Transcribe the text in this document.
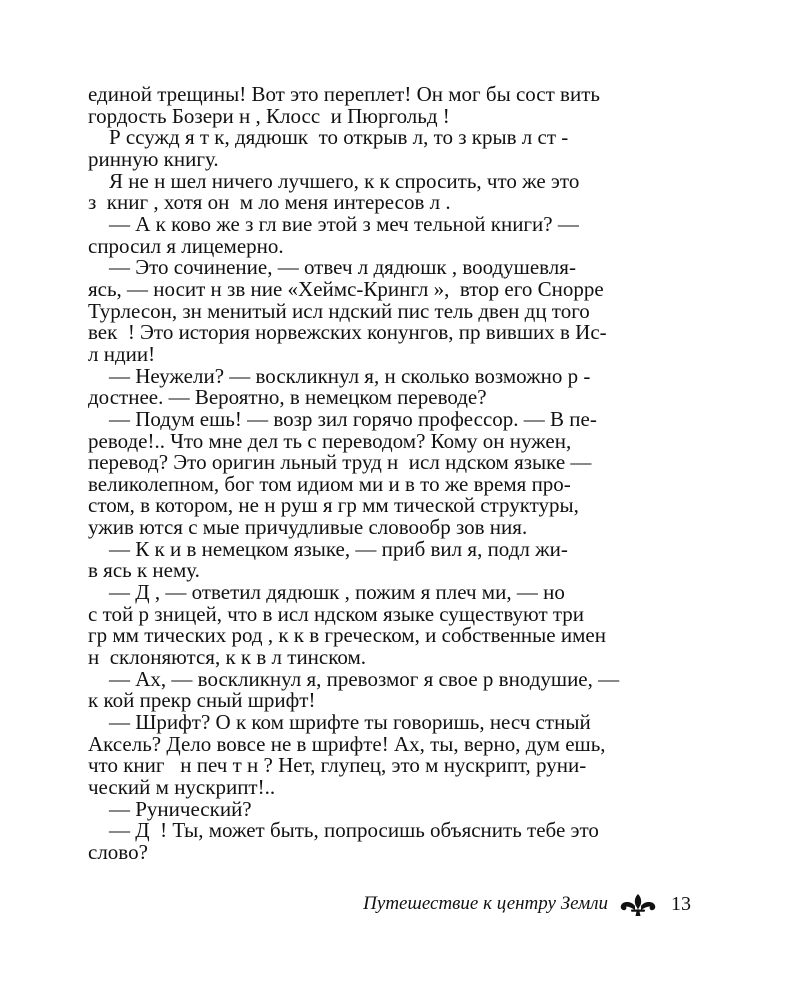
единой трещины! Вот это переплет! Он мог бы сост вить
гордость Бозери н , Клосс  и Пюргольд !
Р ссужд я т к, дядюшк  то открыв л, то з крыв л ст -
ринную книгу.
Я не н шел ничего лучшего, к к спросить, что же это
з  книг , хотя он  м ло меня интересов л .
— А к ково же з гл вие этой з меч тельной книги? —
спросил я лицемерно.
— Это сочинение, — отвеч л дядюшк , воодушевля-
ясь, — носит н зв ние «Хеймс-Крингл »,  втор его Снорре
Турлесон, зн менитый исл ндский пис тель двен дц того
век  ! Это история норвежских конунгов, пр вивших в Ис-
л ндии!
— Неужели? — воскликнул я, н сколько возможно р -
достнее. — Вероятно, в немецком переводе?
— Подум ешь! — возр зил горячо профессор. — В пе-
реводе!.. Что мне дел ть с переводом? Кому он нужен,
перевод? Это оригин льный труд н  исл ндском языке —
великолепном, бог том идиом ми и в то же время про-
стом, в котором, не н руш я гр мм тической структуры,
ужив ются с мые причудливые словообр зов ния.
— К к и в немецком языке, — приб вил я, подл жи-
в ясь к нему.
— Д , — ответил дядюшк , пожим я плеч ми, — но
с той р зницей, что в исл ндском языке существуют три
гр мм тических род , к к в греческом, и собственные имен
н  склоняются, к к в л тинском.
— Ах, — воскликнул я, превозмог я свое р внодушие, —
к кой прекр сный шрифт!
— Шрифт? О к ком шрифте ты говоришь, несч стный
Аксель? Дело вовсе не в шрифте! Ах, ты, верно, дум ешь,
что книг   н печ т н ? Нет, глупец, это м нускрипт, руни-
ческий м нускрипт!..
— Рунический?
— Д  ! Ты, может быть, попросишь объяснить тебе это
слово?
Путешествие к центру Земли	13
